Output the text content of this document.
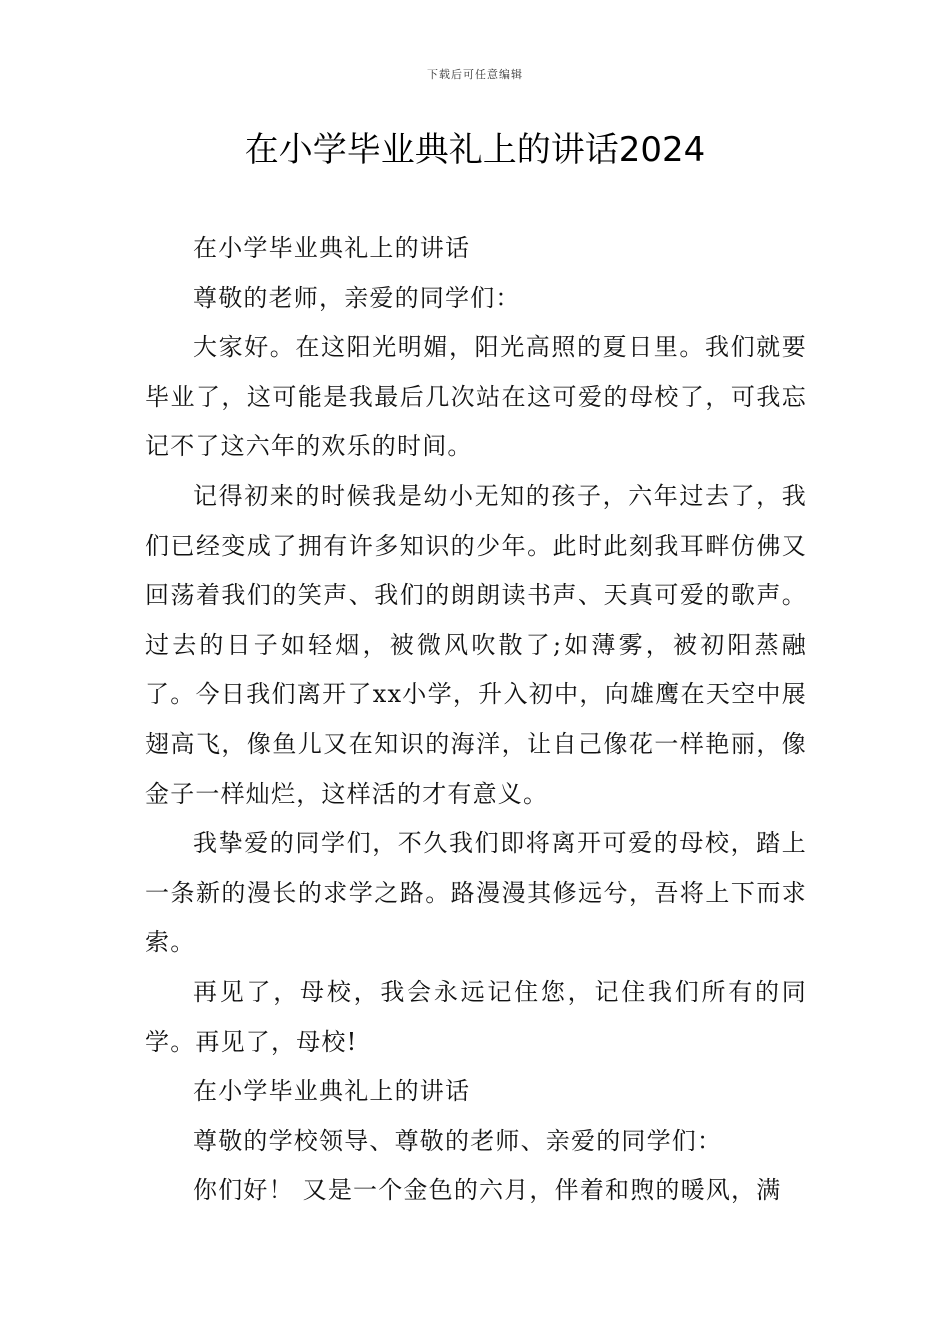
下载后可任意编辑
在小学毕业典礼上的讲话2024

在小学毕业典礼上的讲话

尊敬的老师，亲爱的同学们：

大家好。在这阳光明媚，阳光高照的夏日里。我们就要毕业了，这可能是我最后几次站在这可爱的母校了，可我忘记不了这六年的欢乐的时间。

记得初来的时候我是幼小无知的孩子，六年过去了，我们已经变成了拥有许多知识的少年。此时此刻我耳畔仿佛又回荡着我们的笑声、我们的朗朗读书声、天真可爱的歌声。过去的日子如轻烟，被微风吹散了;如薄雾，被初阳蒸融了。今日我们离开了xx小学，升入初中，向雄鹰在天空中展翅高飞，像鱼儿又在知识的海洋，让自己像花一样艳丽，像金子一样灿烂，这样活的才有意义。

我挚爱的同学们，不久我们即将离开可爱的母校，踏上一条新的漫长的求学之路。路漫漫其修远兮，吾将上下而求索。

再见了，母校，我会永远记住您，记住我们所有的同学。再见了，母校!

在小学毕业典礼上的讲话

尊敬的学校领导、尊敬的老师、亲爱的同学们：

你们好！ 又是一个金色的六月，伴着和煦的暖风，满
